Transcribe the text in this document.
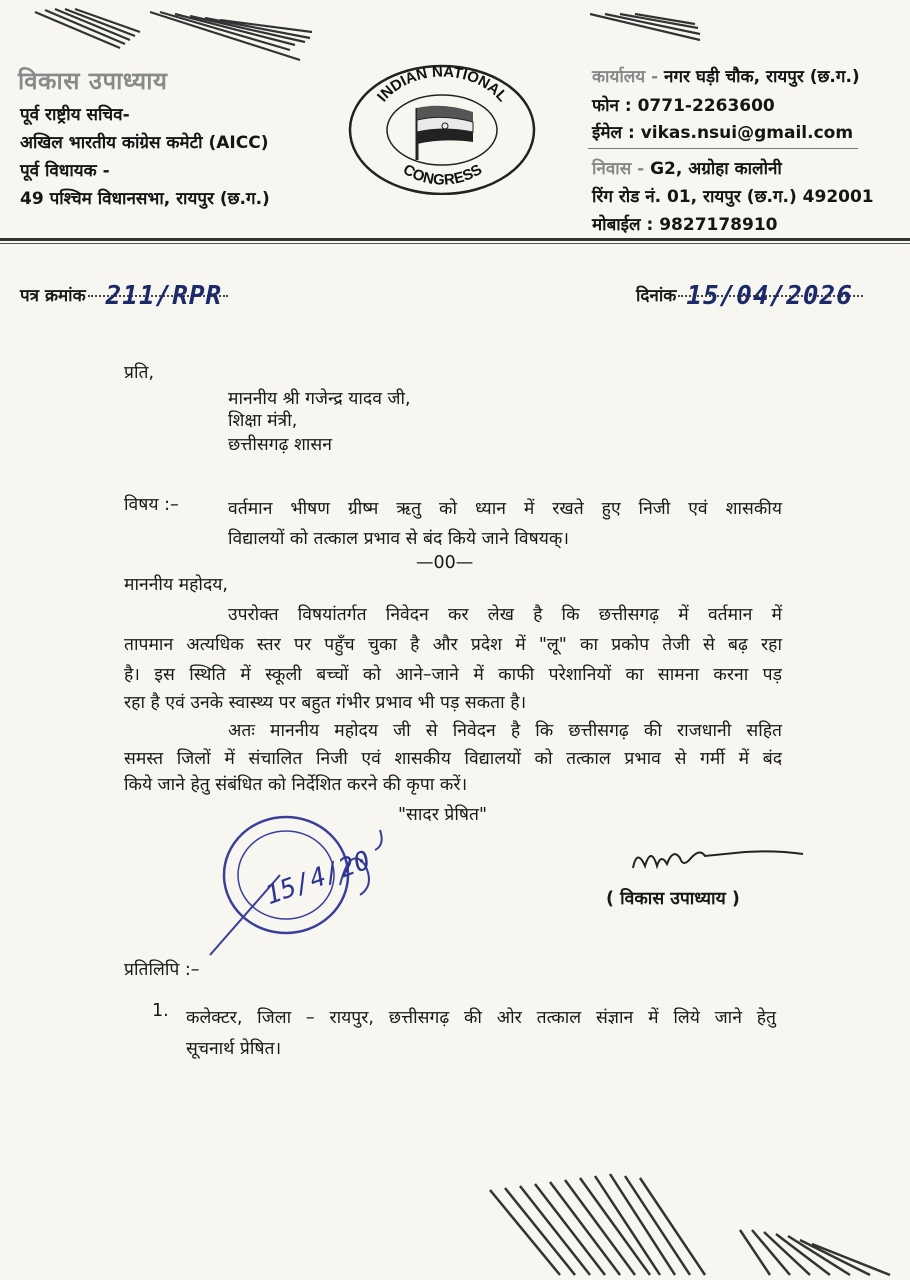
विकास उपाध्याय
पूर्व राष्ट्रीय सचिव-
अखिल भारतीय कांग्रेस कमेटी (AICC)
पूर्व विधायक -
49 पश्चिम विधानसभा, रायपुर (छ.ग.)
INDIAN NATIONAL
CONGRESS
कार्यालय - नगर घड़ी चौक, रायपुर (छ.ग.)
फोन : 0771-2263600
ईमेल : vikas.nsui@gmail.com
निवास - G2, अग्रोहा कालोनी
रिंग रोड नं. 01, रायपुर (छ.ग.) 492001
मोबाईल : 9827178910
पत्र क्रमांक 211/RPR	दिनांक 15/04/2026
प्रति,
माननीय श्री गजेन्द्र यादव जी,
शिक्षा मंत्री,
छत्तीसगढ़ शासन
विषय :–	वर्तमान भीषण ग्रीष्म ऋतु को ध्यान में रखते हुए निजी एवं शासकीय
विद्यालयों को तत्काल प्रभाव से बंद किये जाने विषयक्।
—00—
माननीय महोदय,
उपरोक्त विषयांतर्गत निवेदन कर लेख है कि छत्तीसगढ़ में वर्तमान में
तापमान अत्यधिक स्तर पर पहुँच चुका है और प्रदेश में "लू" का प्रकोप तेजी से बढ़ रहा
है। इस स्थिति में स्कूली बच्चों को आने–जाने में काफी परेशानियों का सामना करना पड़
रहा है एवं उनके स्वास्थ्य पर बहुत गंभीर प्रभाव भी पड़ सकता है।
अतः माननीय महोदय जी से निवेदन है कि छत्तीसगढ़ की राजधानी सहित
समस्त जिलों में संचालित निजी एवं शासकीय विद्यालयों को तत्काल प्रभाव से गर्मी में बंद
किये जाने हेतु संबंधित को निर्देशित करने की कृपा करें।
"सादर प्रेषित"
15/4/20	( विकास उपाध्याय )
प्रतिलिपि :–
1. कलेक्टर, जिला – रायपुर, छत्तीसगढ़ की ओर तत्काल संज्ञान में लिये जाने हेतु
सूचनार्थ प्रेषित।
